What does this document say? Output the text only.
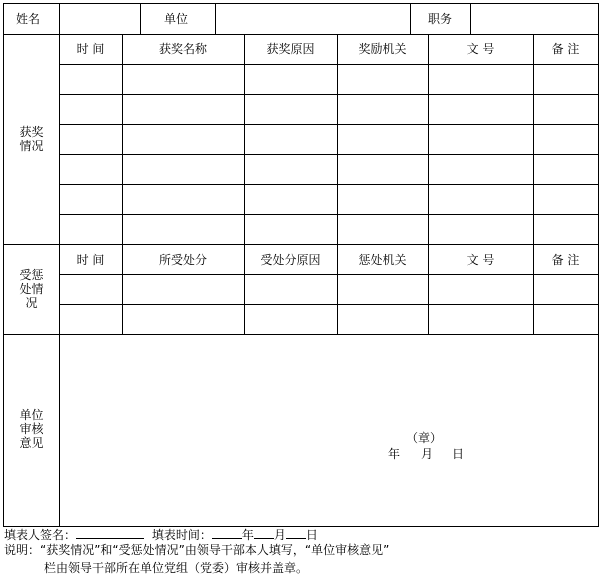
姓名	单位	职务
获奖
情况
时 间	获奖名称	获奖原因	奖励机关	文 号	备 注
受惩
处情
况
时 间	所受处分	受处分原因	惩处机关	文 号	备 注
单位
审核
意见	（章）
年 月 日
填表人签名：	填表时间：	年 月 日
说明：“获奖情况”和“受惩处情况”由领导干部本人填写，“单位审核意见”
栏由领导干部所在单位党组（党委）审核并盖章。
